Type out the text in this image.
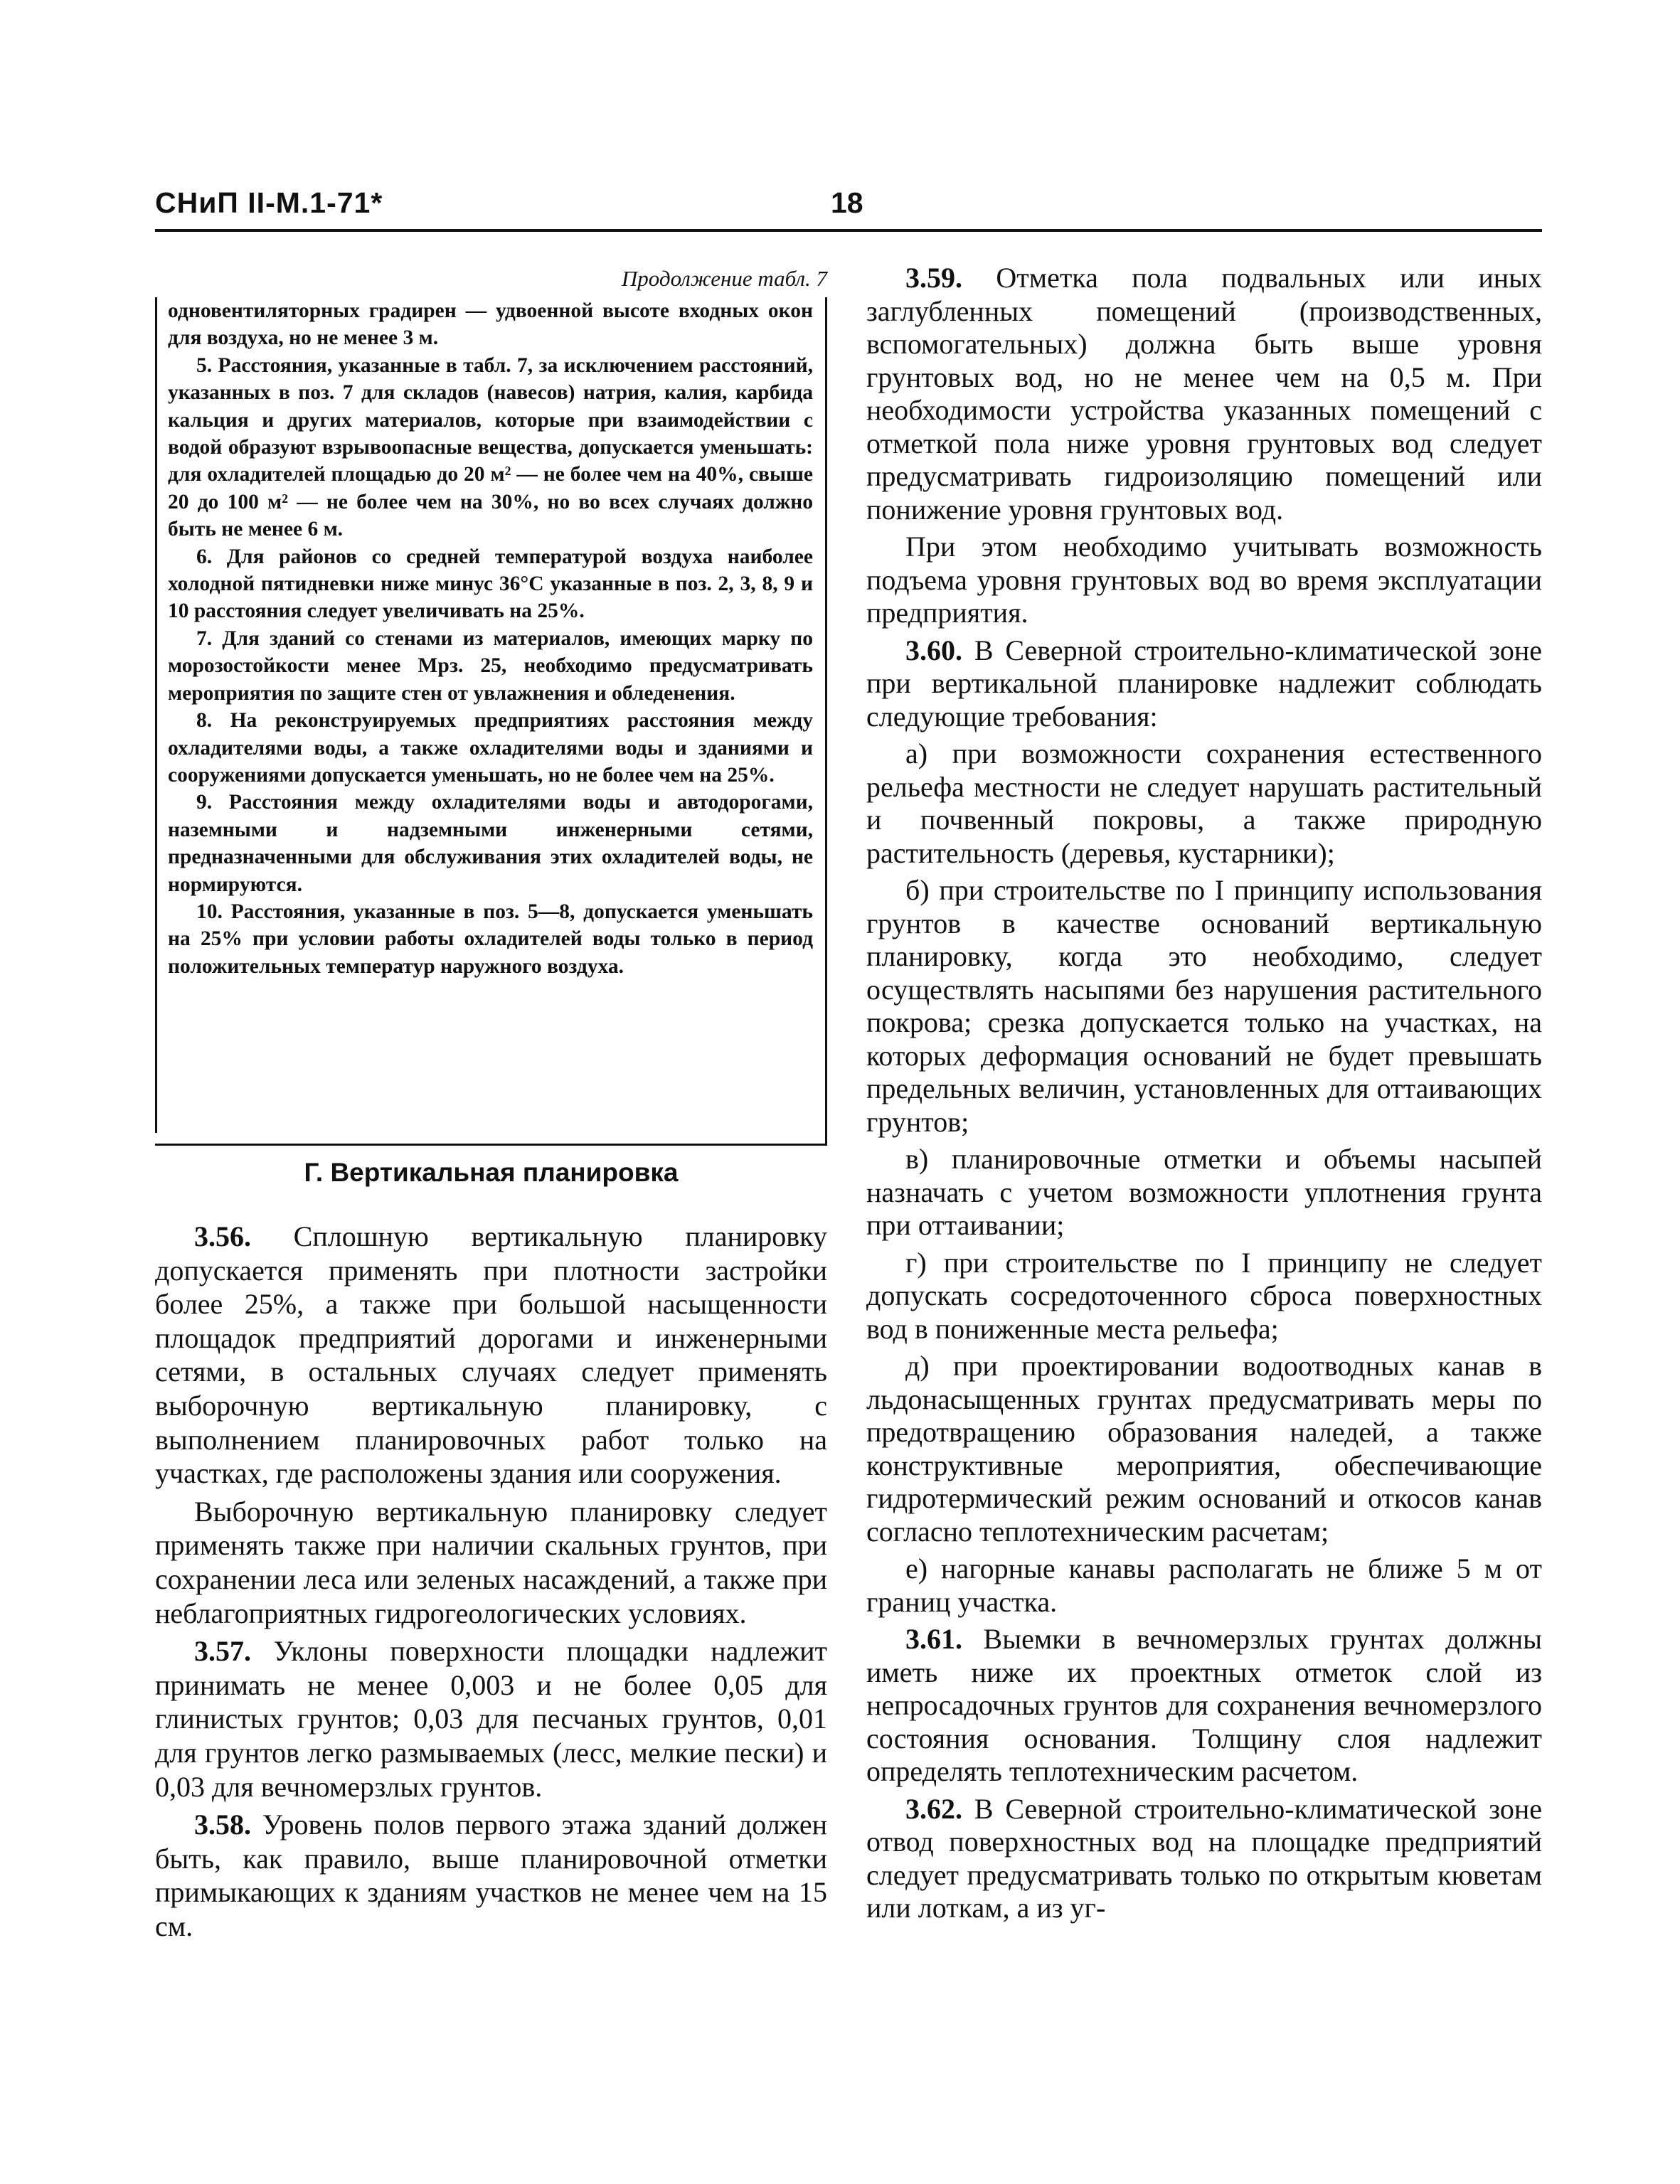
СНиП II-М.1-71*	18
Продолжение табл. 7

одновентиляторных градирен — удвоенной высоте входных окон для воздуха, но не менее 3 м.

5. Расстояния, указанные в табл. 7, за исключением расстояний, указанных в поз. 7 для складов (навесов) натрия, калия, карбида кальция и других материалов, которые при взаимодействии с водой образуют взрывоопасные вещества, допускается уменьшать: для охладителей площадью до 20 м² — не более чем на 40%, свыше 20 до 100 м² — не более чем на 30%, но во всех случаях должно быть не менее 6 м.

6. Для районов со средней температурой воздуха наиболее холодной пятидневки ниже минус 36°С указанные в поз. 2, 3, 8, 9 и 10 расстояния следует увеличивать на 25%.

7. Для зданий со стенами из материалов, имеющих марку по морозостойкости менее Мрз. 25, необходимо предусматривать мероприятия по защите стен от увлажнения и обледенения.

8. На реконструируемых предприятиях расстояния между охладителями воды, а также охладителями воды и зданиями и сооружениями допускается уменьшать, но не более чем на 25%.

9. Расстояния между охладителями воды и автодорогами, наземными и надземными инженерными сетями, предназначенными для обслуживания этих охладителей воды, не нормируются.

10. Расстояния, указанные в поз. 5—8, допускается уменьшать на 25% при условии работы охладителей воды только в период положительных температур наружного воздуха.

Г. Вертикальная планировка

3.56. Сплошную вертикальную планировку допускается применять при плотности застройки более 25%, а также при большой насыщенности площадок предприятий дорогами и инженерными сетями, в остальных случаях следует применять выборочную вертикальную планировку, с выполнением планировочных работ только на участках, где расположены здания или сооружения.

Выборочную вертикальную планировку следует применять также при наличии скальных грунтов, при сохранении леса или зеленых насаждений, а также при неблагоприятных гидрогеологических условиях.

3.57. Уклоны поверхности площадки надлежит принимать не менее 0,003 и не более 0,05 для глинистых грунтов; 0,03 для песчаных грунтов, 0,01 для грунтов легко размываемых (лесс, мелкие пески) и 0,03 для вечномерзлых грунтов.

3.58. Уровень полов первого этажа зданий должен быть, как правило, выше планировочной отметки примыкающих к зданиям участков не менее чем на 15 см.

3.59. Отметка пола подвальных или иных заглубленных помещений (производственных, вспомогательных) должна быть выше уровня грунтовых вод, но не менее чем на 0,5 м. При необходимости устройства указанных помещений с отметкой пола ниже уровня грунтовых вод следует предусматривать гидроизоляцию помещений или понижение уровня грунтовых вод.

При этом необходимо учитывать возможность подъема уровня грунтовых вод во время эксплуатации предприятия.

3.60. В Северной строительно-климатической зоне при вертикальной планировке надлежит соблюдать следующие требования:

а) при возможности сохранения естественного рельефа местности не следует нарушать растительный и почвенный покровы, а также природную растительность (деревья, кустарники);

б) при строительстве по I принципу использования грунтов в качестве оснований вертикальную планировку, когда это необходимо, следует осуществлять насыпями без нарушения растительного покрова; срезка допускается только на участках, на которых деформация оснований не будет превышать предельных величин, установленных для оттаивающих грунтов;

в) планировочные отметки и объемы насыпей назначать с учетом возможности уплотнения грунта при оттаивании;

г) при строительстве по I принципу не следует допускать сосредоточенного сброса поверхностных вод в пониженные места рельефа;

д) при проектировании водоотводных канав в льдонасыщенных грунтах предусматривать меры по предотвращению образования наледей, а также конструктивные мероприятия, обеспечивающие гидротермический режим оснований и откосов канав согласно теплотехническим расчетам;

е) нагорные канавы располагать не ближе 5 м от границ участка.

3.61. Выемки в вечномерзлых грунтах должны иметь ниже их проектных отметок слой из непросадочных грунтов для сохранения вечномерзлого состояния основания. Толщину слоя надлежит определять теплотехническим расчетом.

3.62. В Северной строительно-климатической зоне отвод поверхностных вод на площадке предприятий следует предусматривать только по открытым кюветам или лоткам, а из уг-
